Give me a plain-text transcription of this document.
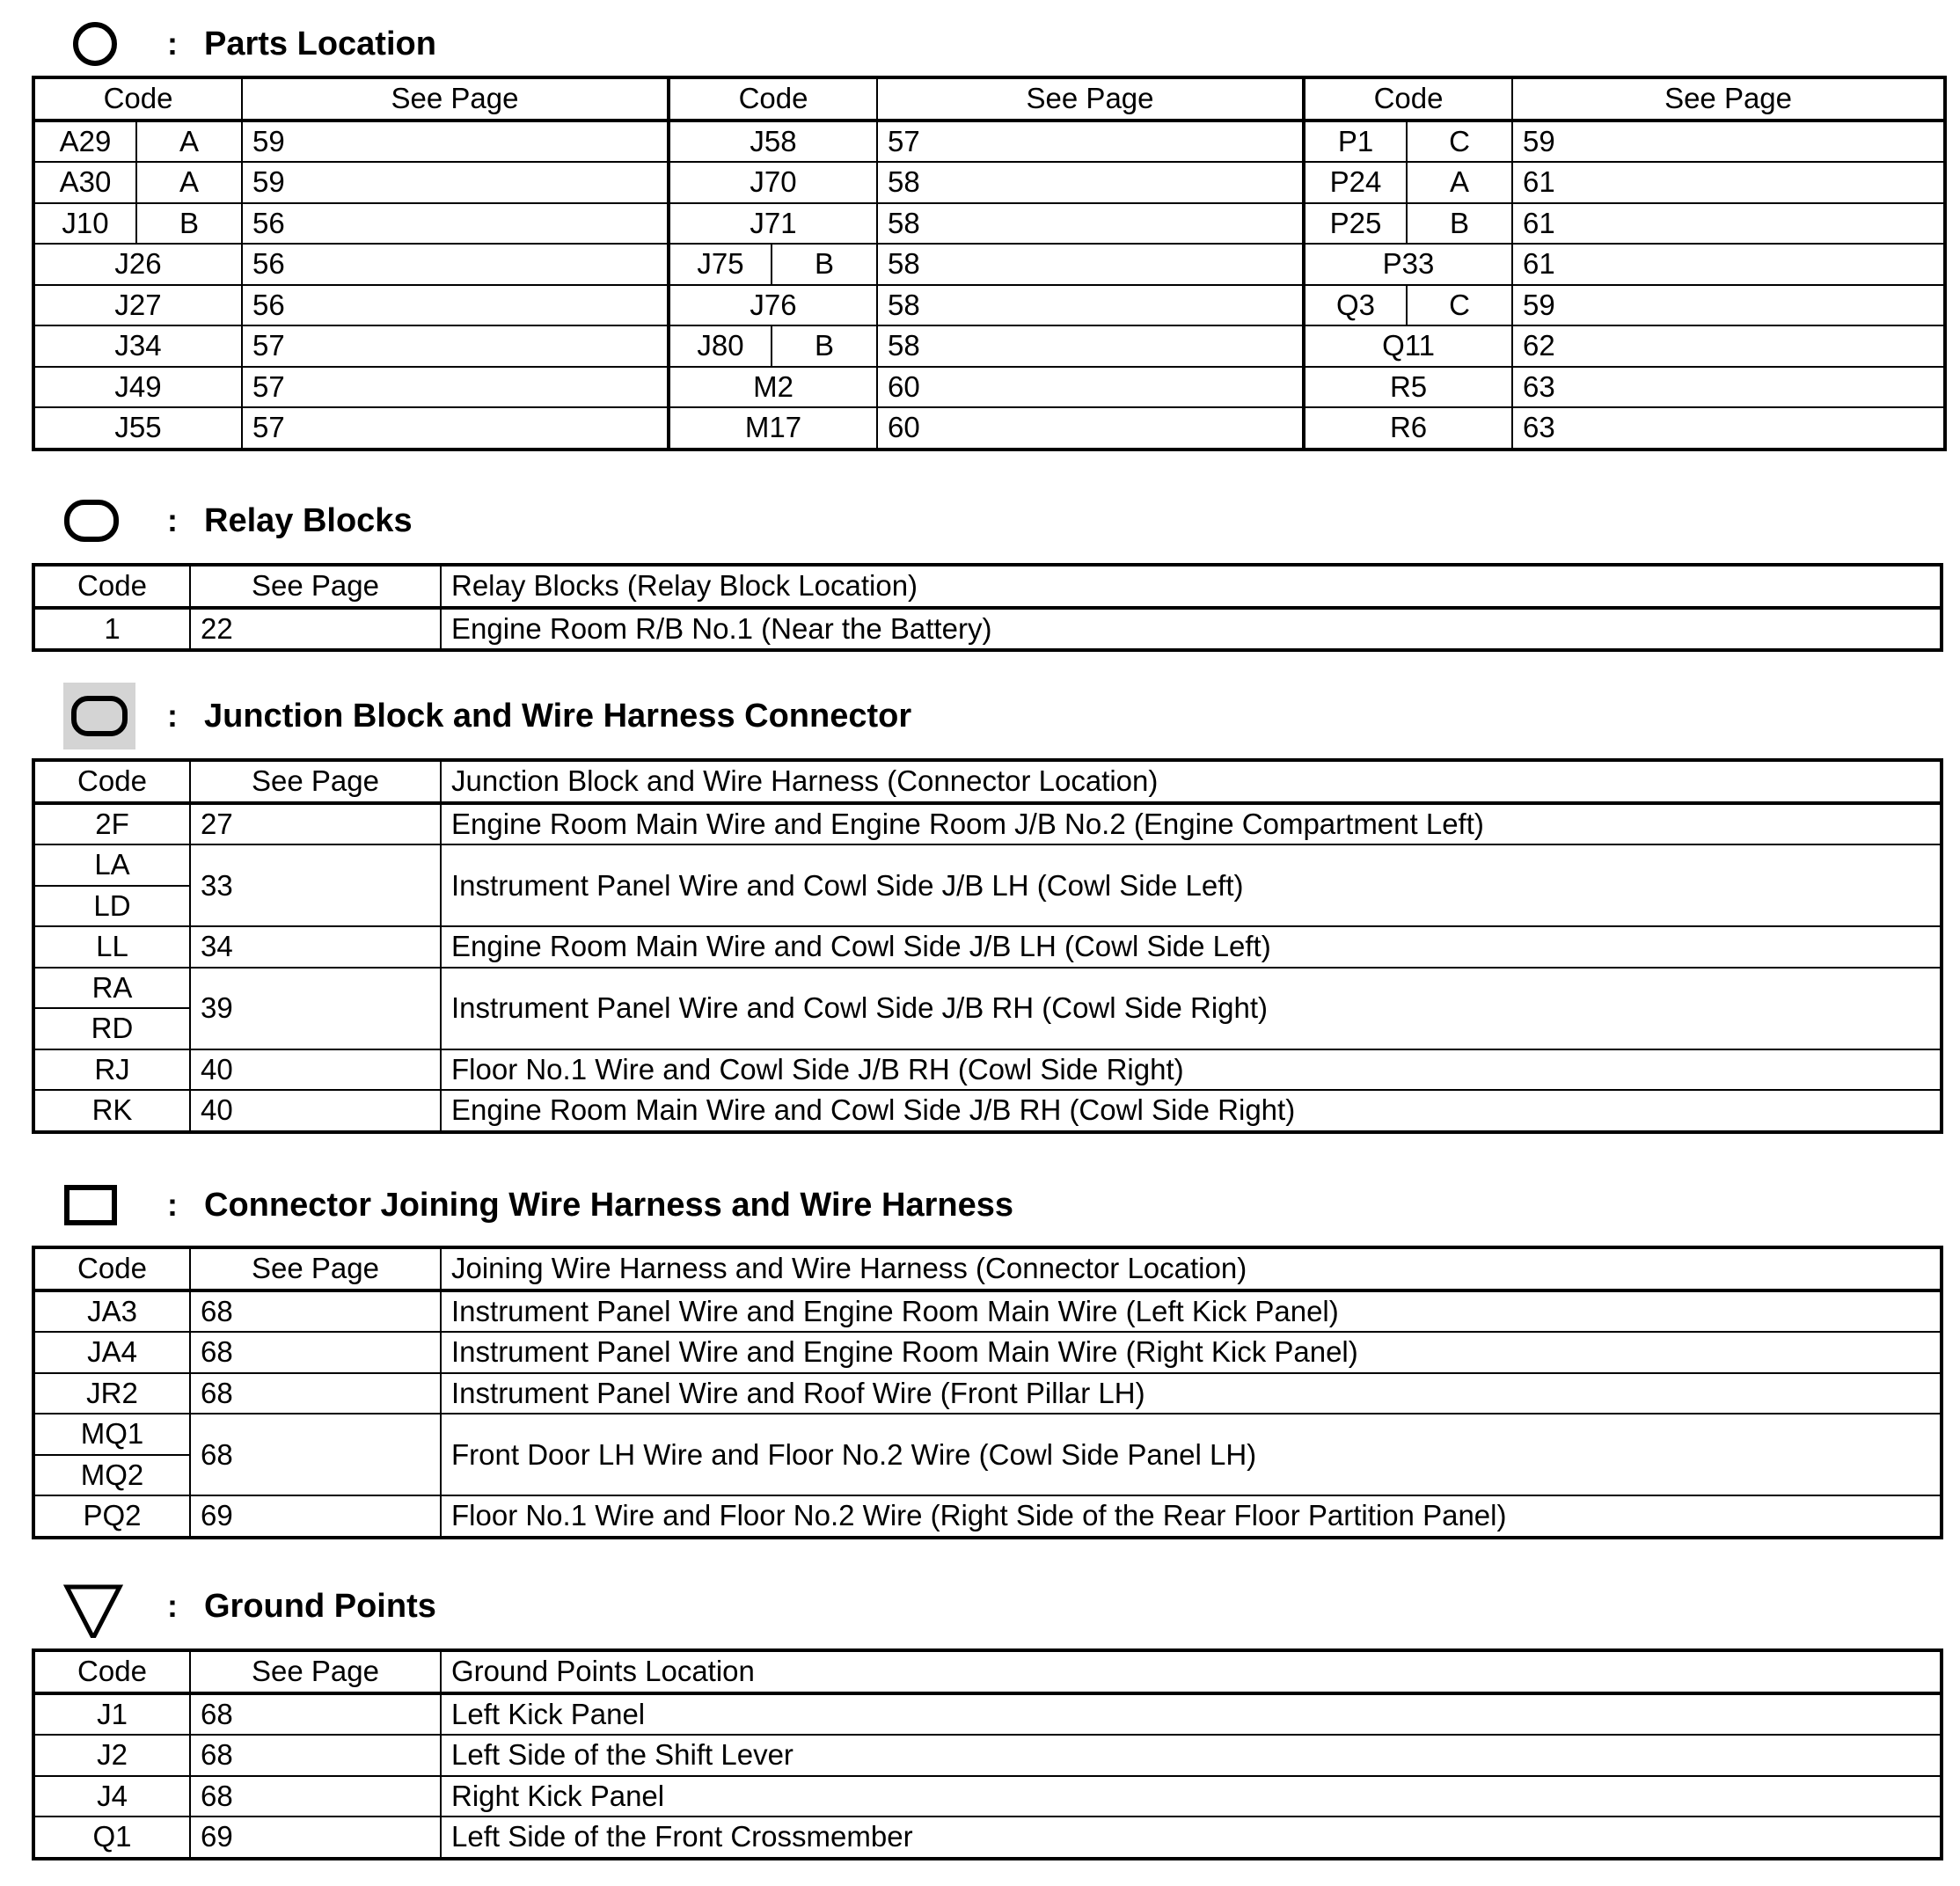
: Parts Location
Code		See Page	Code		See Page	Code		See Page
A29	A	59	J58		57	P1	C	59
A30	A	59	J70		58	P24	A	61
J10	B	56	J71		58	P25	B	61
J26		56	J75	B	58	P33		61
J27		56	J76		58	Q3	C	59
J34		57	J80	B	58	Q11		62
J49		57	M2		60	R5		63
J55		57	M17		60	R6		63
: Relay Blocks
Code	See Page	Relay Blocks (Relay Block Location)
1	22	Engine Room R/B No.1 (Near the Battery)
: Junction Block and Wire Harness Connector
Code	See Page	Junction Block and Wire Harness (Connector Location)
2F	27	Engine Room Main Wire and Engine Room J/B No.2 (Engine Compartment Left)
LA	33	Instrument Panel Wire and Cowl Side J/B LH (Cowl Side Left)
LD		
LL	34	Engine Room Main Wire and Cowl Side J/B LH (Cowl Side Left)
RA	39	Instrument Panel Wire and Cowl Side J/B RH (Cowl Side Right)
RD		
RJ	40	Floor No.1 Wire and Cowl Side J/B RH (Cowl Side Right)
RK	40	Engine Room Main Wire and Cowl Side J/B RH (Cowl Side Right)
: Connector Joining Wire Harness and Wire Harness
Code	See Page	Joining Wire Harness and Wire Harness (Connector Location)
JA3	68	Instrument Panel Wire and Engine Room Main Wire (Left Kick Panel)
JA4	68	Instrument Panel Wire and Engine Room Main Wire (Right Kick Panel)
JR2	68	Instrument Panel Wire and Roof Wire (Front Pillar LH)
MQ1	68	Front Door LH Wire and Floor No.2 Wire (Cowl Side Panel LH)
MQ2		
PQ2	69	Floor No.1 Wire and Floor No.2 Wire (Right Side of the Rear Floor Partition Panel)
: Ground Points
Code	See Page	Ground Points Location
J1	68	Left Kick Panel
J2	68	Left Side of the Shift Lever
J4	68	Right Kick Panel
Q1	69	Left Side of the Front Crossmember
